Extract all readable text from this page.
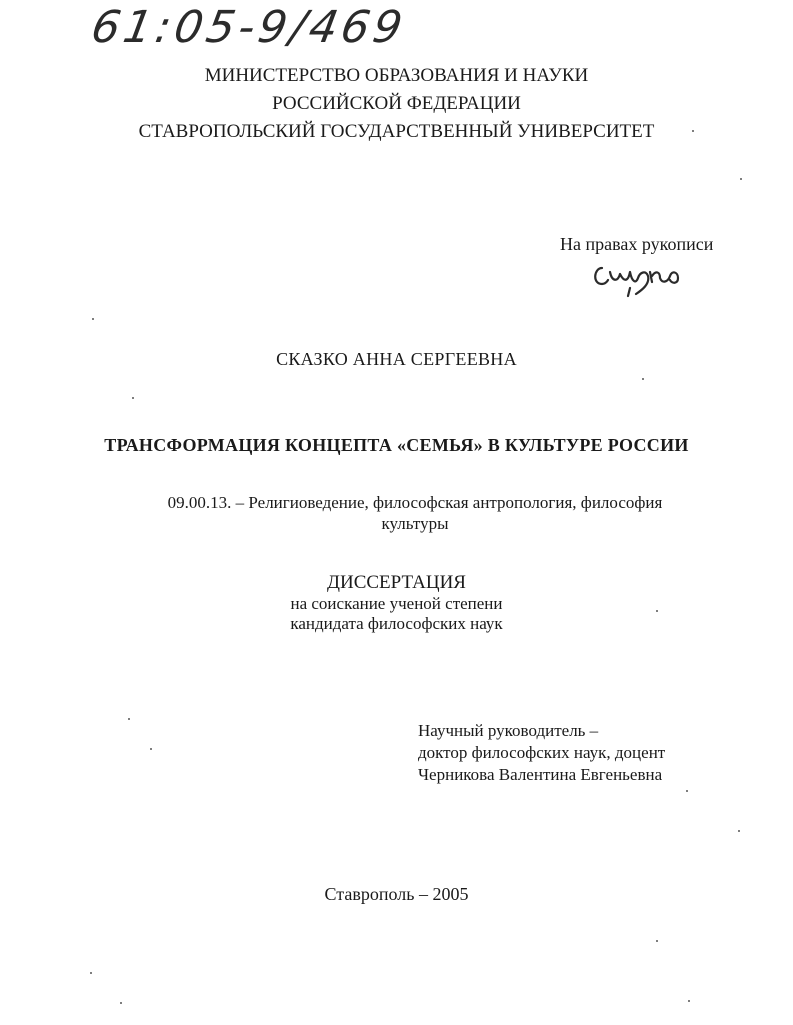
61:05-9/469
МИНИСТЕРСТВО ОБРАЗОВАНИЯ И НАУКИ
РОССИЙСКОЙ ФЕДЕРАЦИИ
СТАВРОПОЛЬСКИЙ ГОСУДАРСТВЕННЫЙ УНИВЕРСИТЕТ
На правах рукописи
СКАЗКО АННА СЕРГЕЕВНА
ТРАНСФОРМАЦИЯ КОНЦЕПТА «СЕМЬЯ» В КУЛЬТУРЕ РОССИИ
09.00.13. – Религиоведение, философская антропология, философия культуры
ДИССЕРТАЦИЯ
на соискание ученой степени
кандидата философских наук
Научный руководитель –
доктор философских наук, доцент
Черникова Валентина Евгеньевна
Ставрополь – 2005
